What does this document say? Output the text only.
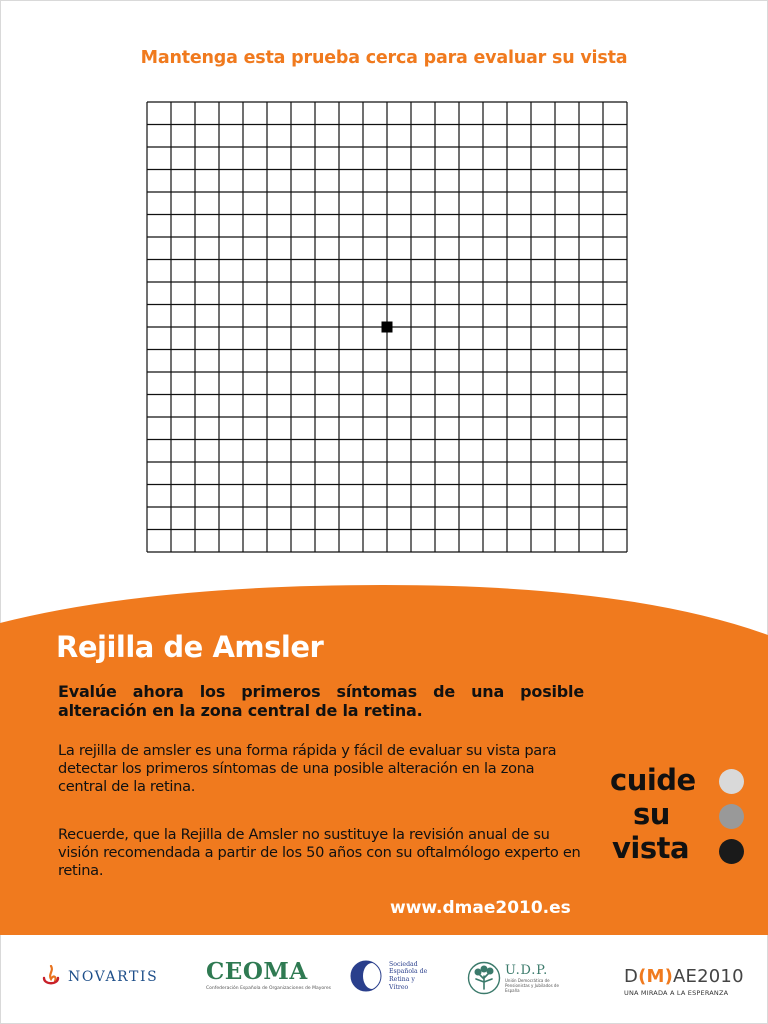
Mantenga esta prueba cerca para evaluar su vista
Rejilla de Amsler
Evalúe ahora los primeros síntomas de una posible alteración en la zona central de la retina.
La rejilla de amsler es una forma rápida y fácil de evaluar su vista para detectar los primeros síntomas de una posible alteración en la zona central de la retina.
Recuerde, que la Rejilla de Amsler no sustituye la revisión anual de su visión recomendada a partir de los 50 años con su oftalmólogo experto en retina.
www.dmae2010.es
cuide
su
vista
NOVARTIS CEOMA
Confederación Española de Organizaciones de Mayores
Sociedad Española de Retina y Vítreo
U.D.P.
Unión Democrática de Pensionistas y Jubilados de España
D(M)AE2010
UNA MIRADA A LA ESPERANZA
